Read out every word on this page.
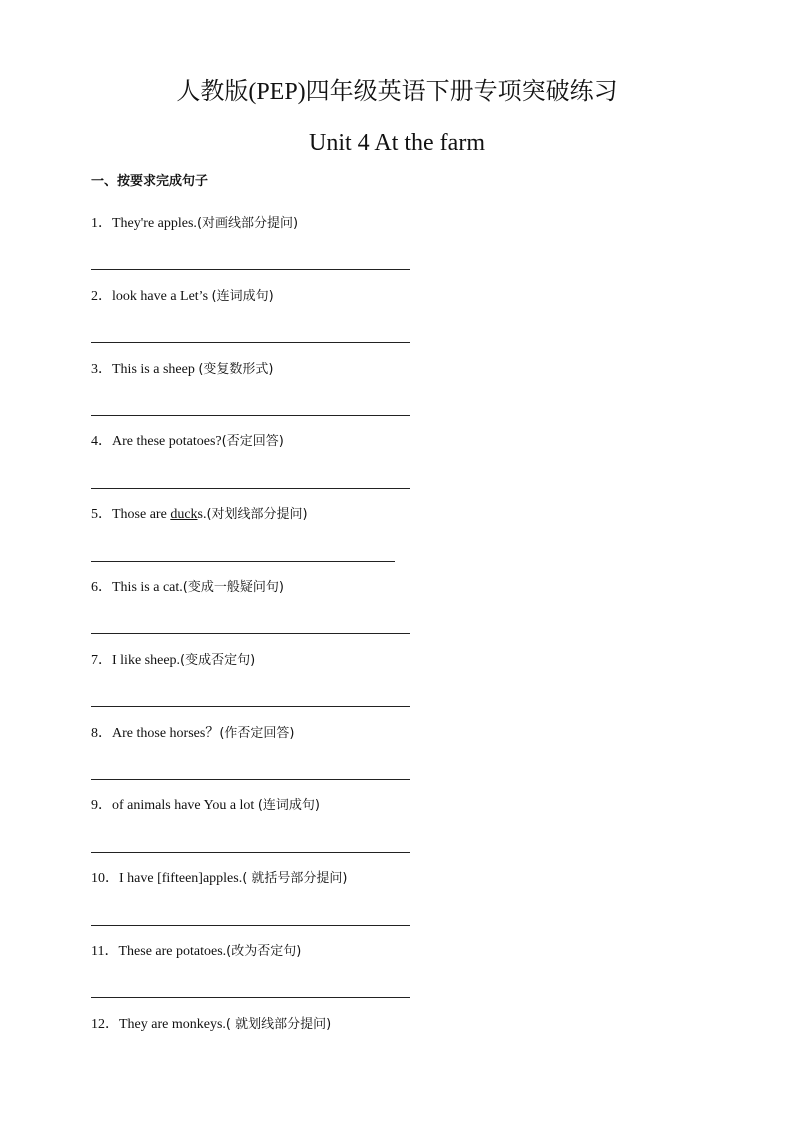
人教版(PEP)四年级英语下册专项突破练习
Unit 4 At the farm
一、按要求完成句子
1．They're apples.(对画线部分提问)
2．look have a Let’s (连词成句)
3．This is a sheep (变复数形式)
4．Are these potatoes?(否定回答)
5．Those are ducks.(对划线部分提问)
6．This is a cat.(变成一般疑问句)
7．I like sheep.(变成否定句)
8．Are those horses？(作否定回答)
9．of animals have You a lot (连词成句)
10．I have [fifteen]apples.( 就括号部分提问)
11．These are potatoes.(改为否定句)
12．They are monkeys.( 就划线部分提问)
